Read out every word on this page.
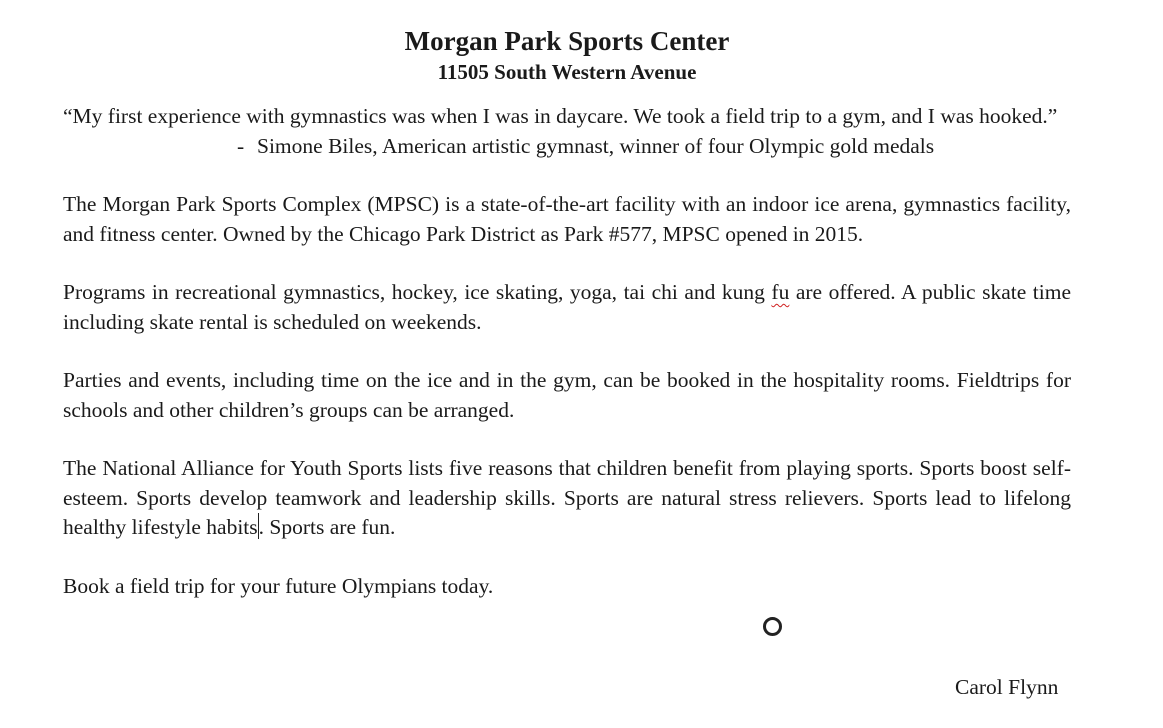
Morgan Park Sports Center
11505 South Western Avenue

“My first experience with gymnastics was when I was in daycare. We took a field trip to a gym, and I was hooked.”

- Simone Biles, American artistic gymnast, winner of four Olympic gold medals

The Morgan Park Sports Complex (MPSC) is a state-of-the-art facility with an indoor ice arena, gymnastics facility, and fitness center. Owned by the Chicago Park District as Park #577, MPSC opened in 2015.

Programs in recreational gymnastics, hockey, ice skating, yoga, tai chi and kung fu are offered. A public skate time including skate rental is scheduled on weekends.

Parties and events, including time on the ice and in the gym, can be booked in the hospitality rooms. Fieldtrips for schools and other children’s groups can be arranged.

The National Alliance for Youth Sports lists five reasons that children benefit from playing sports. Sports boost self-esteem. Sports develop teamwork and leadership skills. Sports are natural stress relievers. Sports lead to lifelong healthy lifestyle habits. Sports are fun.

Book a field trip for your future Olympians today.

Carol Flynn
